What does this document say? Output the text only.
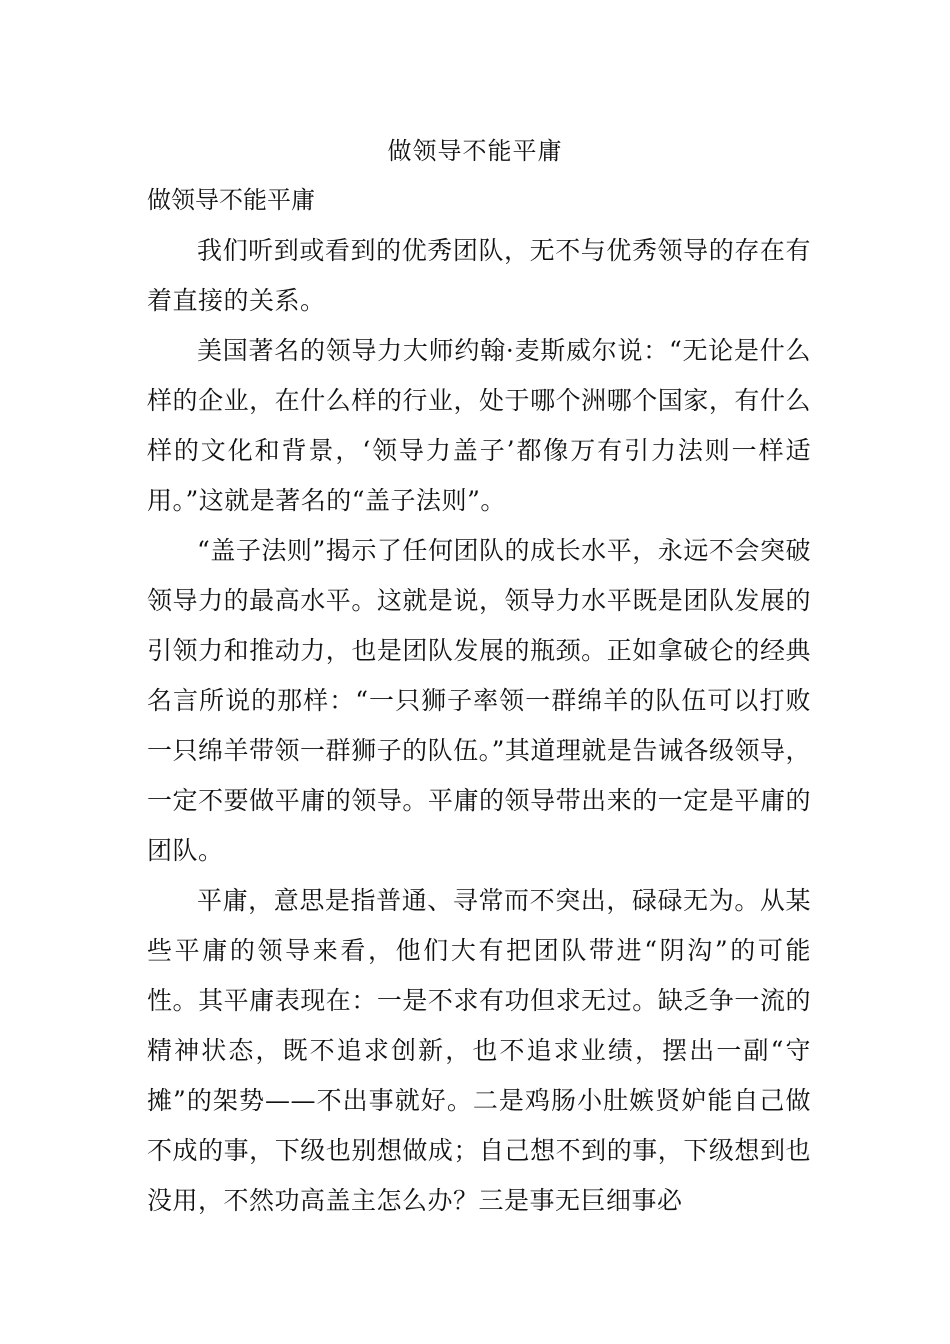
做领导不能平庸
做领导不能平庸

我们听到或看到的优秀团队，无不与优秀领导的存在有着直接的关系。

美国著名的领导力大师约翰·麦斯威尔说：“无论是什么样的企业，在什么样的行业，处于哪个洲哪个国家，有什么样的文化和背景，‘领导力盖子’都像万有引力法则一样适用。”这就是著名的“盖子法则”。

“盖子法则”揭示了任何团队的成长水平，永远不会突破领导力的最高水平。这就是说，领导力水平既是团队发展的引领力和推动力，也是团队发展的瓶颈。正如拿破仑的经典名言所说的那样：“一只狮子率领一群绵羊的队伍可以打败一只绵羊带领一群狮子的队伍。”其道理就是告诫各级领导，一定不要做平庸的领导。平庸的领导带出来的一定是平庸的团队。

平庸，意思是指普通、寻常而不突出，碌碌无为。从某些平庸的领导来看，他们大有把团队带进“阴沟”的可能性。其平庸表现在：一是不求有功但求无过。缺乏争一流的精神状态，既不追求创新，也不追求业绩，摆出一副“守摊”的架势——不出事就好。二是鸡肠小肚嫉贤妒能自己做不成的事，下级也别想做成；自己想不到的事，下级想到也没用，不然功高盖主怎么办？三是事无巨细事必
